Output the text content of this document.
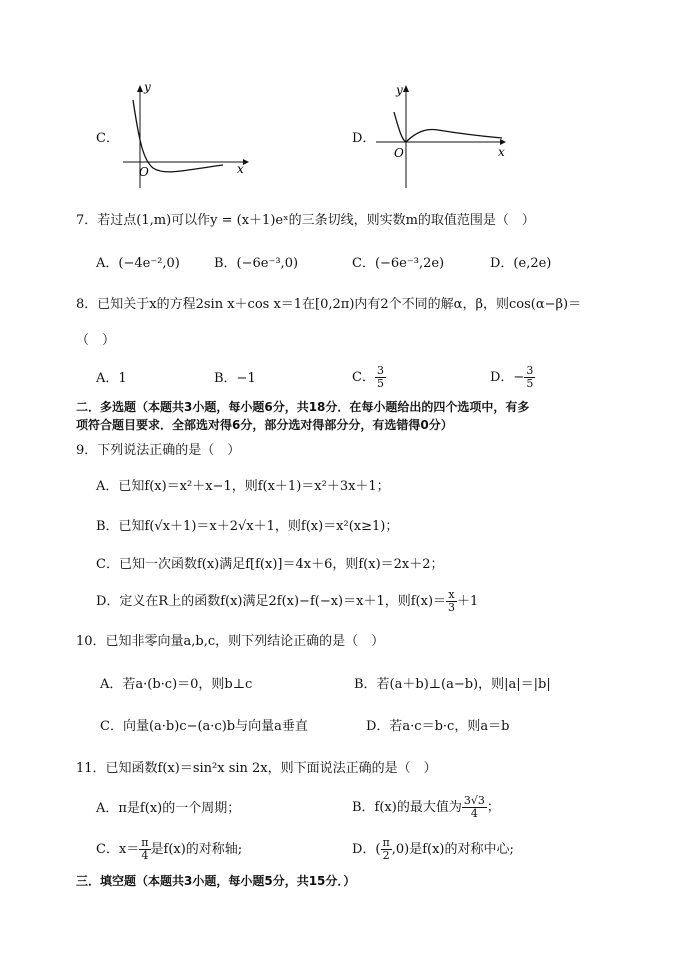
C．
y
x
O
D．
y
x
O
7．若过点(1,m)可以作y = (x＋1)eˣ的三条切线，则实数m的取值范围是（　）
A．(−4e⁻²,0)	B．(−6e⁻³,0)	C．(−6e⁻³,2e)	D．(e,2e)
8．已知关于x的方程2sin x＋cos x＝1在[0,2π)内有2个不同的解α，β，则cos(α−β)＝
（　）
A．1	B．−1	C． $\frac{3}{5}$	D．− $\frac{3}{5}$
二．多选题（本题共3小题，每小题6分，共18分．在每小题给出的四个选项中，有多
项符合题目要求．全部选对得6分，部分选对得部分分，有选错得0分）
9．下列说法正确的是（　）
A．已知f(x)＝x²＋x−1，则f(x＋1)＝x²＋3x＋1；
B．已知f(√x＋1)＝x＋2√x＋1，则f(x)＝x²(x≥1)；
C．已知一次函数f(x)满足f[f(x)]＝4x＋6，则f(x)＝2x＋2；
D．定义在R上的函数f(x)满足2f(x)−f(−x)＝x＋1，则$f(x)= \frac{x}{3} +1$
10．已知非零向量a,b,c，则下列结论正确的是（　）
A．若a·(b·c)＝0，则b⊥c	B．若(a＋b)⊥(a−b)，则|a|＝|b|
C．向量(a·b)c−(a·c)b与向量a垂直	D．若a·c＝b·c，则a＝b
11．已知函数f(x)＝sin²x sin 2x，则下面说法正确的是（　）
A．π是f(x)的一个周期；	B．f(x)的最大值为 $\frac{3√3}{4}$ ；
C．$x= \frac{\pi}{4}$ 是f(x)的对称轴;	D．( $\frac{\pi}{2} ,0$)是f(x)的对称中心;
三．填空题（本题共3小题，每小题5分，共15分．）
